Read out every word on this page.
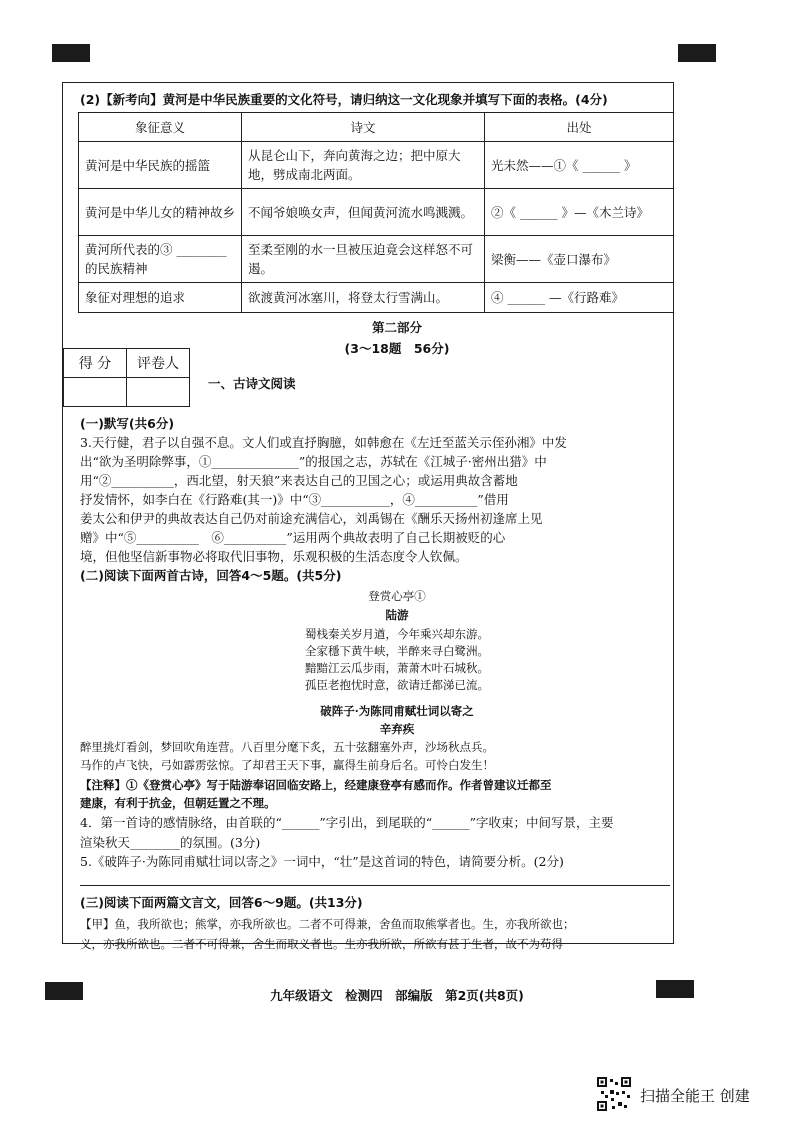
(2)【新考向】黄河是中华民族重要的文化符号，请归纳这一文化现象并填写下面的表格。(4分)
象征意义	诗文	出处
黄河是中华民族的摇篮	从昆仑山下，奔向黄海之边；把中原大地，劈成南北两面。	光未然——①《 ______ 》
黄河是中华儿女的精神故乡	不闻爷娘唤女声，但闻黄河流水鸣溅溅。	②《 ______ 》—《木兰诗》
黄河所代表的③ ________的民族精神	至柔至刚的水一旦被压迫竟会这样怒不可遏。	梁衡——《壶口瀑布》
象征对理想的追求	欲渡黄河冰塞川，将登太行雪满山。	④ ______ —《行路难》
第二部分
(3～18题　56分)
得 分	评卷人

一、古诗文阅读
(一)默写(共6分)
3.天行健，君子以自强不息。文人们或直抒胸臆，如韩愈在《左迁至蓝关示侄孙湘》中发
出“欲为圣明除弊事，①______________”的报国之志，苏轼在《江城子·密州出猎》中
用“②__________，西北望，射天狼”来表达自己的卫国之心；或运用典故含蓄地
抒发情怀，如李白在《行路难(其一)》中“③___________，④__________”借用
姜太公和伊尹的典故表达自己仍对前途充满信心，刘禹锡在《酬乐天扬州初逢席上见
赠》中“⑤__________　⑥__________”运用两个典故表明了自己长期被贬的心
境，但他坚信新事物必将取代旧事物，乐观积极的生活态度令人钦佩。
(二)阅读下面两首古诗，回答4～5题。(共5分)
登赏心亭①
陆游
蜀栈秦关岁月遒，今年乘兴却东游。
全家穩下黄牛峡，半醉来寻白鹭洲。
黯黯江云瓜步雨，萧萧木叶石城秋。
孤臣老抱忧时意，欲请迁都涕已流。
破阵子·为陈同甫赋壮词以寄之
辛弃疾
醉里挑灯看剑，梦回吹角连营。八百里分麾下炙，五十弦翻塞外声，沙场秋点兵。
马作的卢飞快，弓如霹雳弦惊。了却君王天下事，赢得生前身后名。可怜白发生！
【注释】①《登赏心亭》写于陆游奉诏回临安路上，经建康登亭有感而作。作者曾建议迁都至
建康，有利于抗金，但朝廷置之不理。
4．第一首诗的感情脉络，由首联的“______”字引出，到尾联的“______”字收束；中间写景，主要
渲染秋天________的氛围。(3分)
5.《破阵子·为陈同甫赋壮词以寄之》一词中，“壮”是这首词的特色，请简要分析。(2分)
(三)阅读下面两篇文言文，回答6～9题。(共13分)
【甲】鱼，我所欲也；熊掌，亦我所欲也。二者不可得兼，舍鱼而取熊掌者也。生，亦我所欲也；
义，亦我所欲也。二者不可得兼，舍生而取义者也。生亦我所欲，所欲有甚于生者，故不为苟得
九年级语文　检测四　部编版　第2页(共8页)
扫描全能王 创建
